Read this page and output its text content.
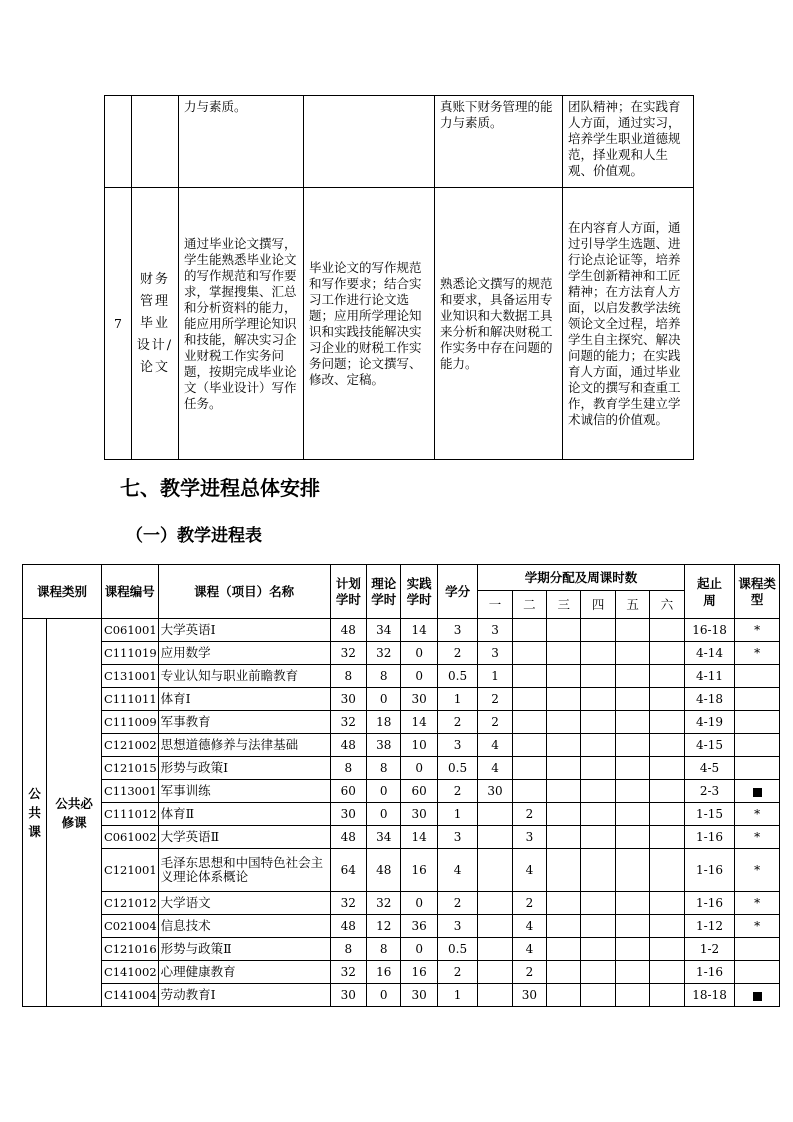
		力与素质。		真账下财务管理的能力与素质。	团队精神；在实践育人方面，通过实习，培养学生职业道德规范，择业观和人生观、价值观。
7	财务管理毕业设计/论文	通过毕业论文撰写，学生能熟悉毕业论文的写作规范和写作要求，掌握搜集、汇总和分析资料的能力，能应用所学理论知识和技能，解决实习企业财税工作实务问题，按期完成毕业论文（毕业设计）写作任务。	毕业论文的写作规范和写作要求；结合实习工作进行论文选题；应用所学理论知识和实践技能解决实习企业的财税工作实务问题；论文撰写、修改、定稿。	熟悉论文撰写的规范和要求，具备运用专业知识和大数据工具来分析和解决财税工作实务中存在问题的能力。	在内容育人方面，通过引导学生选题、进行论点论证等，培养学生创新精神和工匠精神；在方法育人方面，以启发教学法统领论文全过程，培养学生自主探究、解决问题的能力；在实践育人方面，通过毕业论文的撰写和查重工作，教育学生建立学术诚信的价值观。
七、教学进程总体安排
（一）教学进程表
课程类别		课程编号	课程（项目）名称	计划学时	理论学时	实践学时	学分	学期分配及周课时数						起止周	课程类型
								一	二	三	四	五	六		
公共课	公共必修课	C061001	大学英语Ⅰ	48	34	14	3	3						16-18	*
		C111019	应用数学	32	32	0	2	3						4-14	*
		C131001	专业认知与职业前瞻教育	8	8	0	0.5	1						4-11	
		C111011	体育Ⅰ	30	0	30	1	2						4-18	
		C111009	军事教育	32	18	14	2	2						4-19	
		C121002	思想道德修养与法律基础	48	38	10	3	4						4-15	
		C121015	形势与政策Ⅰ	8	8	0	0.5	4						4-5	
		C113001	军事训练	60	0	60	2	30						2-3	
		C111012	体育Ⅱ	30	0	30	1		2					1-15	*
		C061002	大学英语Ⅱ	48	34	14	3		3					1-16	*
		C121001	毛泽东思想和中国特色社会主义理论体系概论	64	48	16	4		4					1-16	*
		C121012	大学语文	32	32	0	2		2					1-16	*
		C021004	信息技术	48	12	36	3		4					1-12	*
		C121016	形势与政策Ⅱ	8	8	0	0.5		4					1-2	
		C141002	心理健康教育	32	16	16	2		2					1-16	
		C141004	劳动教育Ⅰ	30	0	30	1		30					18-18	
